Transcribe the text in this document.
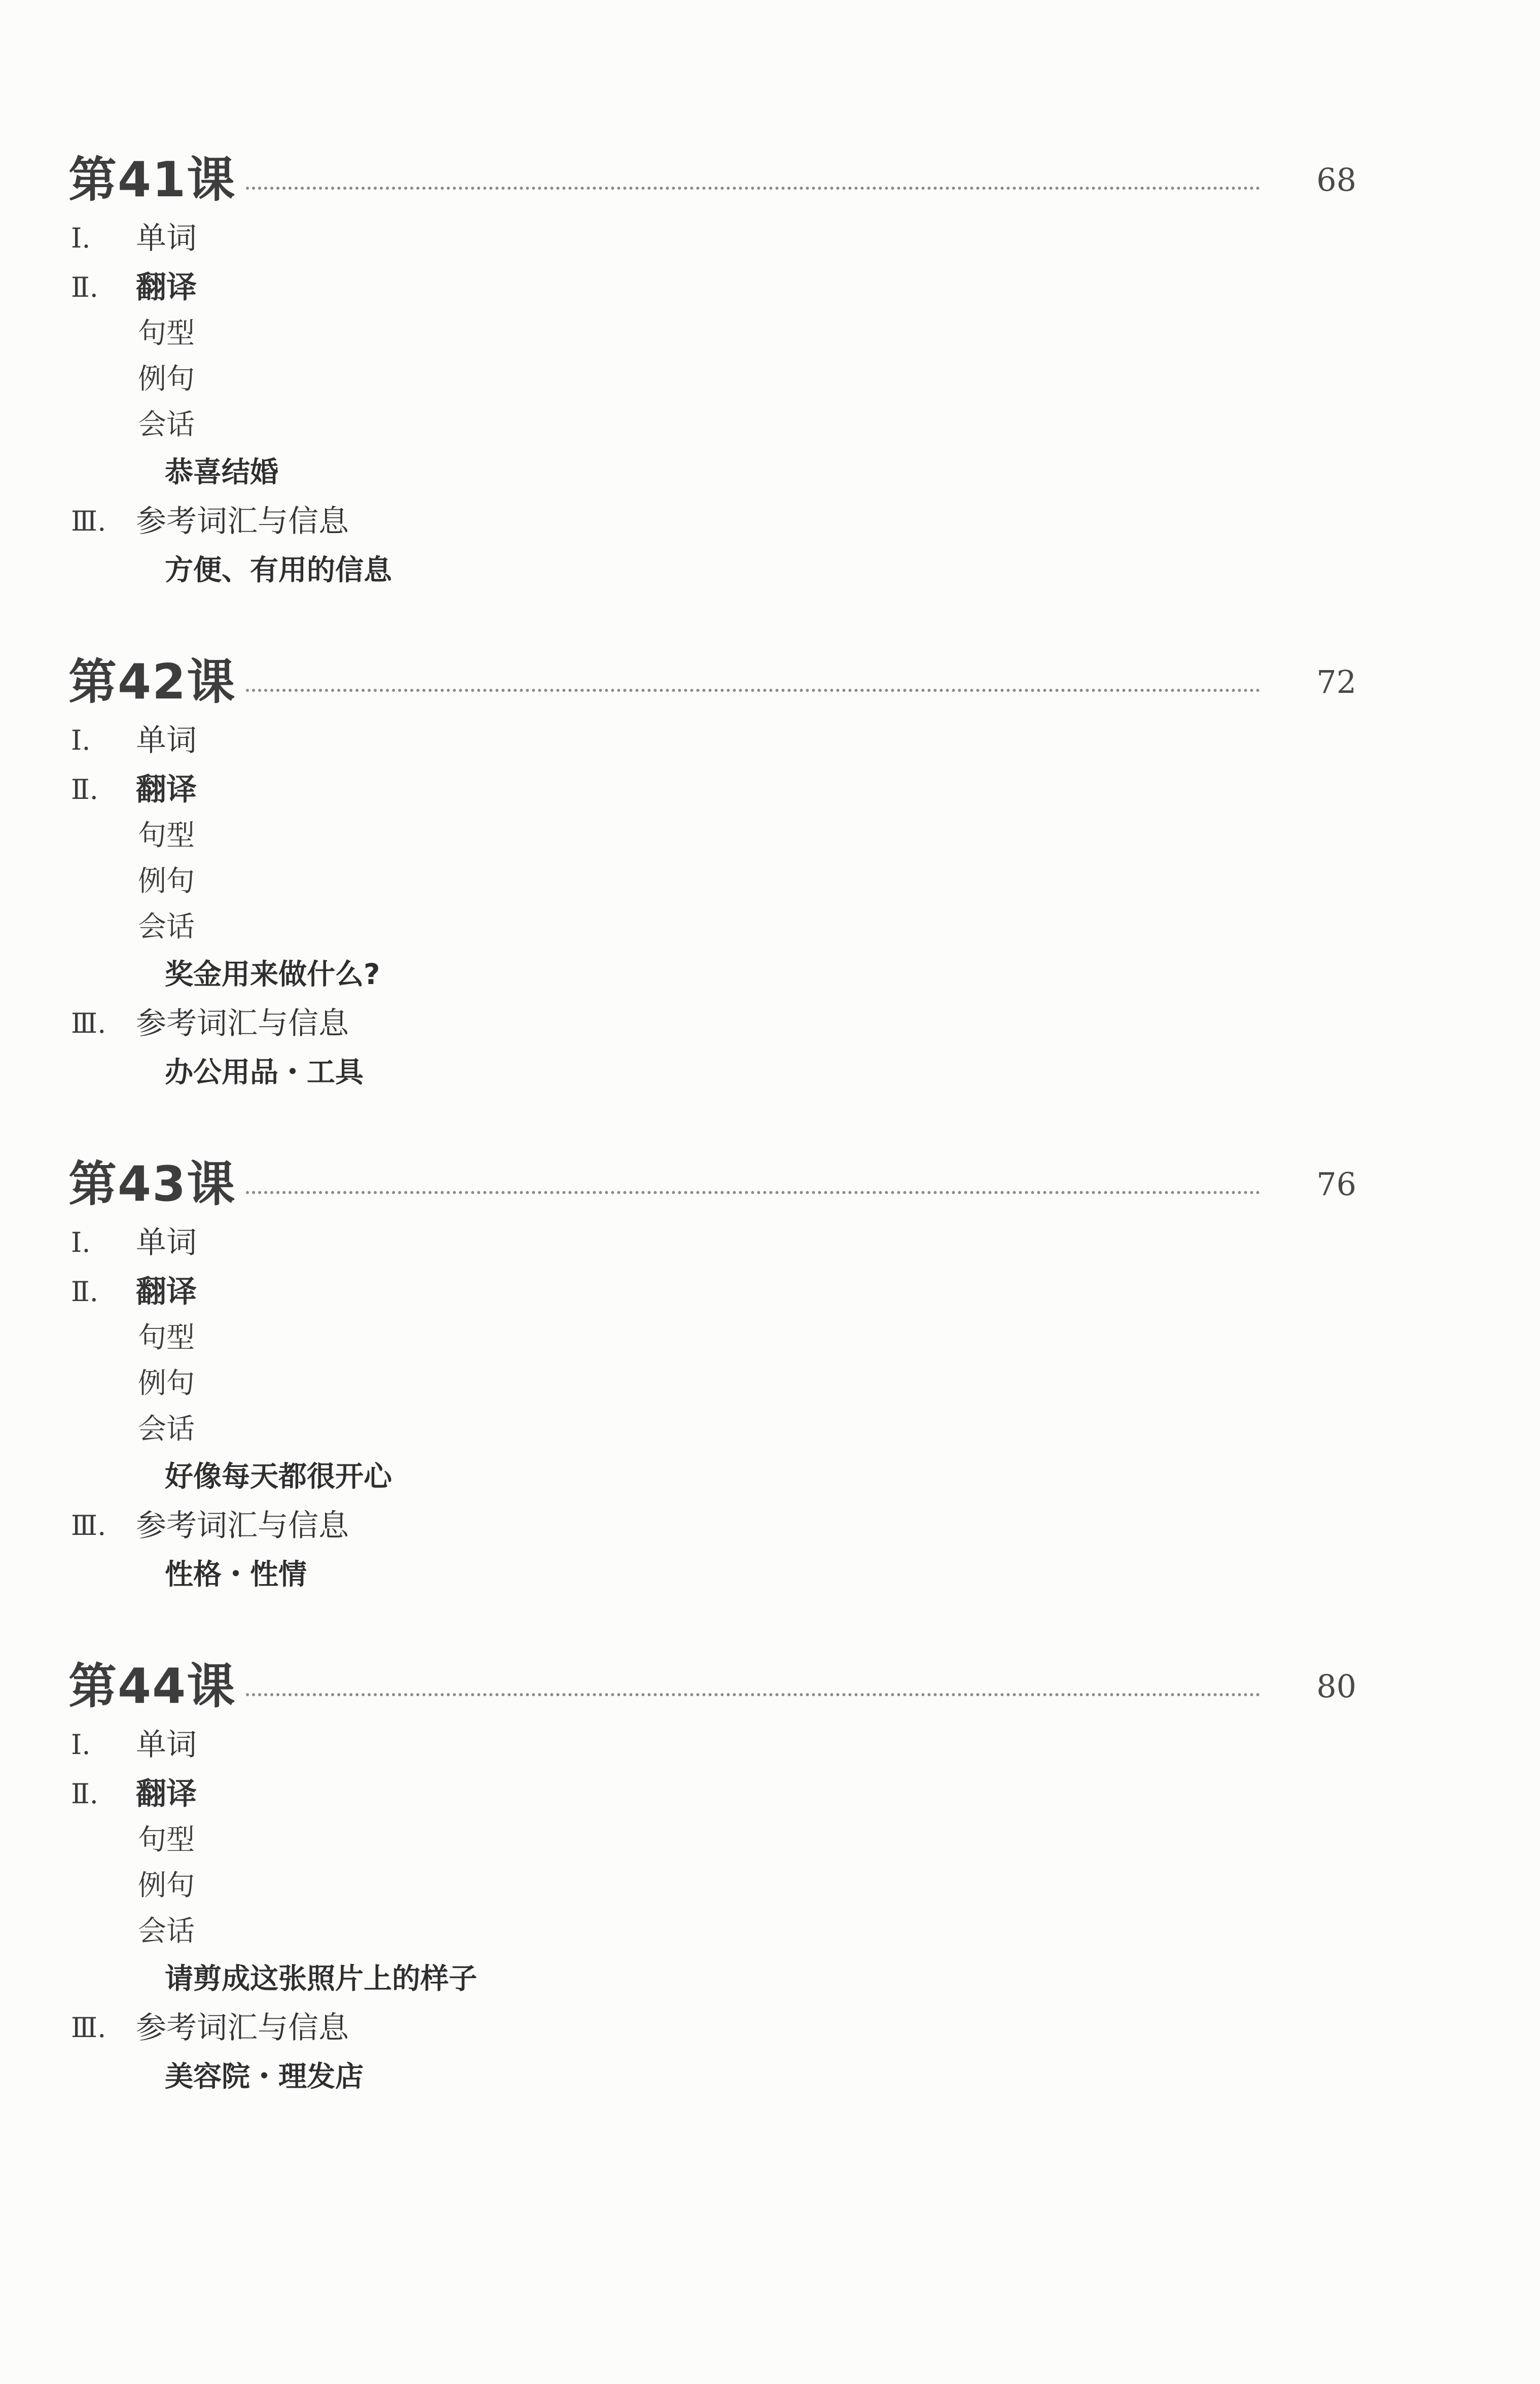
第41课	68
Ⅰ. 单词
Ⅱ. 翻译
句型
例句
会话
恭喜结婚
Ⅲ. 参考词汇与信息
方便、有用的信息
第42课	72
Ⅰ. 单词
Ⅱ. 翻译
句型
例句
会话
奖金用来做什么?
Ⅲ. 参考词汇与信息
办公用品・工具
第43课	76
Ⅰ. 单词
Ⅱ. 翻译
句型
例句
会话
好像每天都很开心
Ⅲ. 参考词汇与信息
性格・性情
第44课	80
Ⅰ. 单词
Ⅱ. 翻译
句型
例句
会话
请剪成这张照片上的样子
Ⅲ. 参考词汇与信息
美容院・理发店
